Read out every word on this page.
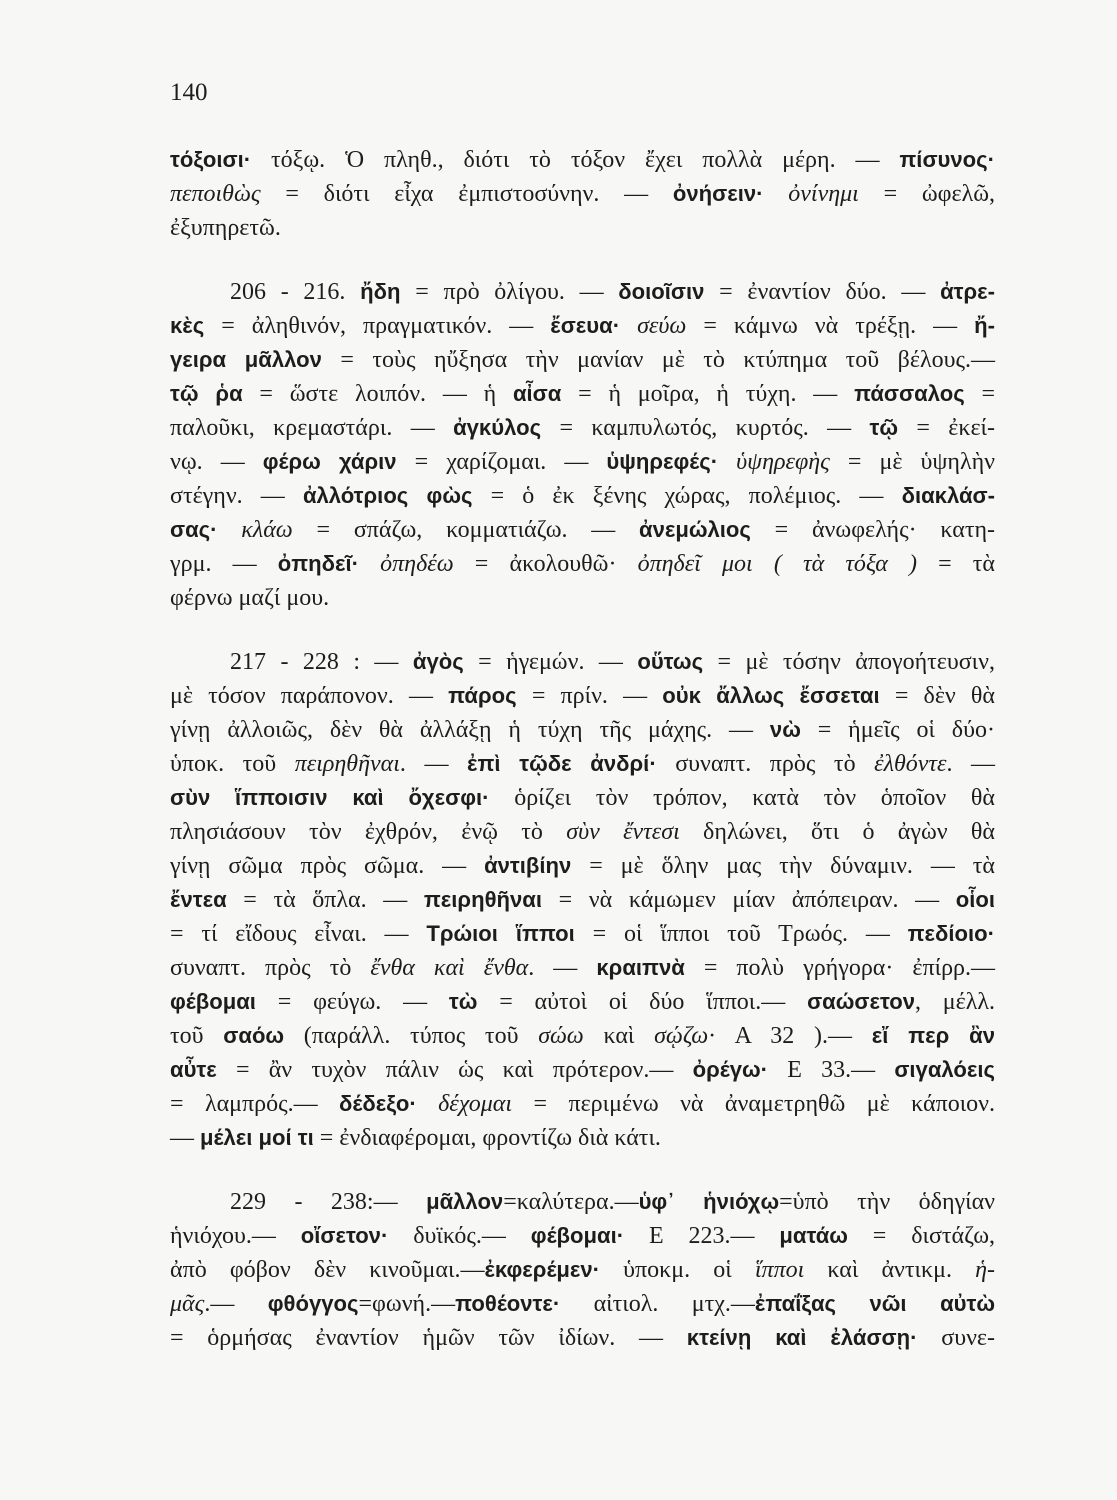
140
τόξοισι· τόξῳ. Ὁ πληθ., διότι τὸ τόξον ἔχει πολλὰ μέρη. — πίσυνος·
πεποιθὼς = διότι εἶχα ἐμπιστοσύνην. — ὀνήσειν· ὀνίνημι = ὠφελῶ,
ἐξυπηρετῶ.
206 - 216. ἤδη = πρὸ ὀλίγου. — δοιοῖσιν = ἐναντίον δύο. — ἀτρε-
κὲς = ἀληθινόν, πραγματικόν. — ἔσευα· σεύω = κάμνω νὰ τρέξῃ. — ἤ-
γειρα μᾶλλον = τοὺς ηὔξησα τὴν μανίαν μὲ τὸ κτύπημα τοῦ βέλους.—
τῷ ῥα = ὥστε λοιπόν. — ἡ αἶσα = ἡ μοῖρα, ἡ τύχη. — πάσσαλος =
παλοῦκι, κρεμαστάρι. — ἀγκύλος = καμπυλωτός, κυρτός. — τῷ = ἐκεί-
νῳ. — φέρω χάριν = χαρίζομαι. — ὑψηρεφές· ὑψηρεφὴς = μὲ ὑψηλὴν
στέγην. — ἀλλότριος φὼς = ὁ ἐκ ξένης χώρας, πολέμιος. — διακλάσ-
σας· κλάω = σπάζω, κομματιάζω. — ἀνεμώλιος = ἀνωφελής· κατη-
γρμ. — ὀπηδεῖ· ὀπηδέω = ἀκολουθῶ· ὀπηδεῖ μοι ( τὰ τόξα ) = τὰ
φέρνω μαζί μου.
217 - 228 : — ἀγὸς = ἡγεμών. — οὕτως = μὲ τόσην ἀπογοήτευσιν,
μὲ τόσον παράπονον. — πάρος = πρίν. — οὐκ ἄλλως ἔσσεται = δὲν θὰ
γίνῃ ἀλλοιῶς, δὲν θὰ ἀλλάξῃ ἡ τύχη τῆς μάχης. — νὼ = ἡμεῖς οἱ δύο·
ὑποκ. τοῦ πειρηθῆναι. — ἐπὶ τῷδε ἀνδρί· συναπτ. πρὸς τὸ ἐλθόντε. —
σὺν ἵπποισιν καὶ ὄχεσφι· ὁρίζει τὸν τρόπον, κατὰ τὸν ὁποῖον θὰ
πλησιάσουν τὸν ἐχθρόν, ἐνῷ τὸ σὺν ἔντεσι δηλώνει, ὅτι ὁ ἀγὼν θὰ
γίνῃ σῶμα πρὸς σῶμα. — ἀντιβίην = μὲ ὅλην μας τὴν δύναμιν. — τὰ
ἔντεα = τὰ ὅπλα. — πειρηθῆναι = νὰ κάμωμεν μίαν ἀπόπειραν. — οἷοι
= τί εἴδους εἶναι. — Τρώιοι ἵπποι = οἱ ἵπποι τοῦ Τρωός. — πεδίοιο·
συναπτ. πρὸς τὸ ἔνθα καὶ ἔνθα. — κραιπνὰ = πολὺ γρήγορα· ἐπίρρ.—
φέβομαι = φεύγω. — τὼ = αὐτοὶ οἱ δύο ἵπποι.— σαώσετον, μέλλ.
τοῦ σαόω (παράλλ. τύπος τοῦ σώω καὶ σῴζω· Α 32 ).— εἴ περ ἂν
αὖτε = ἂν τυχὸν πάλιν ὡς καὶ πρότερον.— ὀρέγω· Ε 33.— σιγαλόεις
= λαμπρός.— δέδεξο· δέχομαι = περιμένω νὰ ἀναμετρηθῶ μὲ κάποιον.
— μέλει μοί τι = ἐνδιαφέρομαι, φροντίζω διὰ κάτι.
229 - 238:— μᾶλλον=καλύτερα.—ὑφ᾽ ἡνιόχῳ=ὑπὸ τὴν ὁδηγίαν
ἡνιόχου.— οἴσετον· δυϊκός.— φέβομαι· Ε 223.— ματάω = διστάζω,
ἀπὸ φόβον δὲν κινοῦμαι.—ἐκφερέμεν· ὑποκμ. οἱ ἵπποι καὶ ἀντικμ. ἡ-
μᾶς.— φθόγγος=φωνή.—ποθέοντε· αἰτιολ. μτχ.—ἐπαΐξας νῶι αὐτὼ
= ὁρμήσας ἐναντίον ἡμῶν τῶν ἰδίων. — κτείνῃ καὶ ἐλάσσῃ· συνε-
